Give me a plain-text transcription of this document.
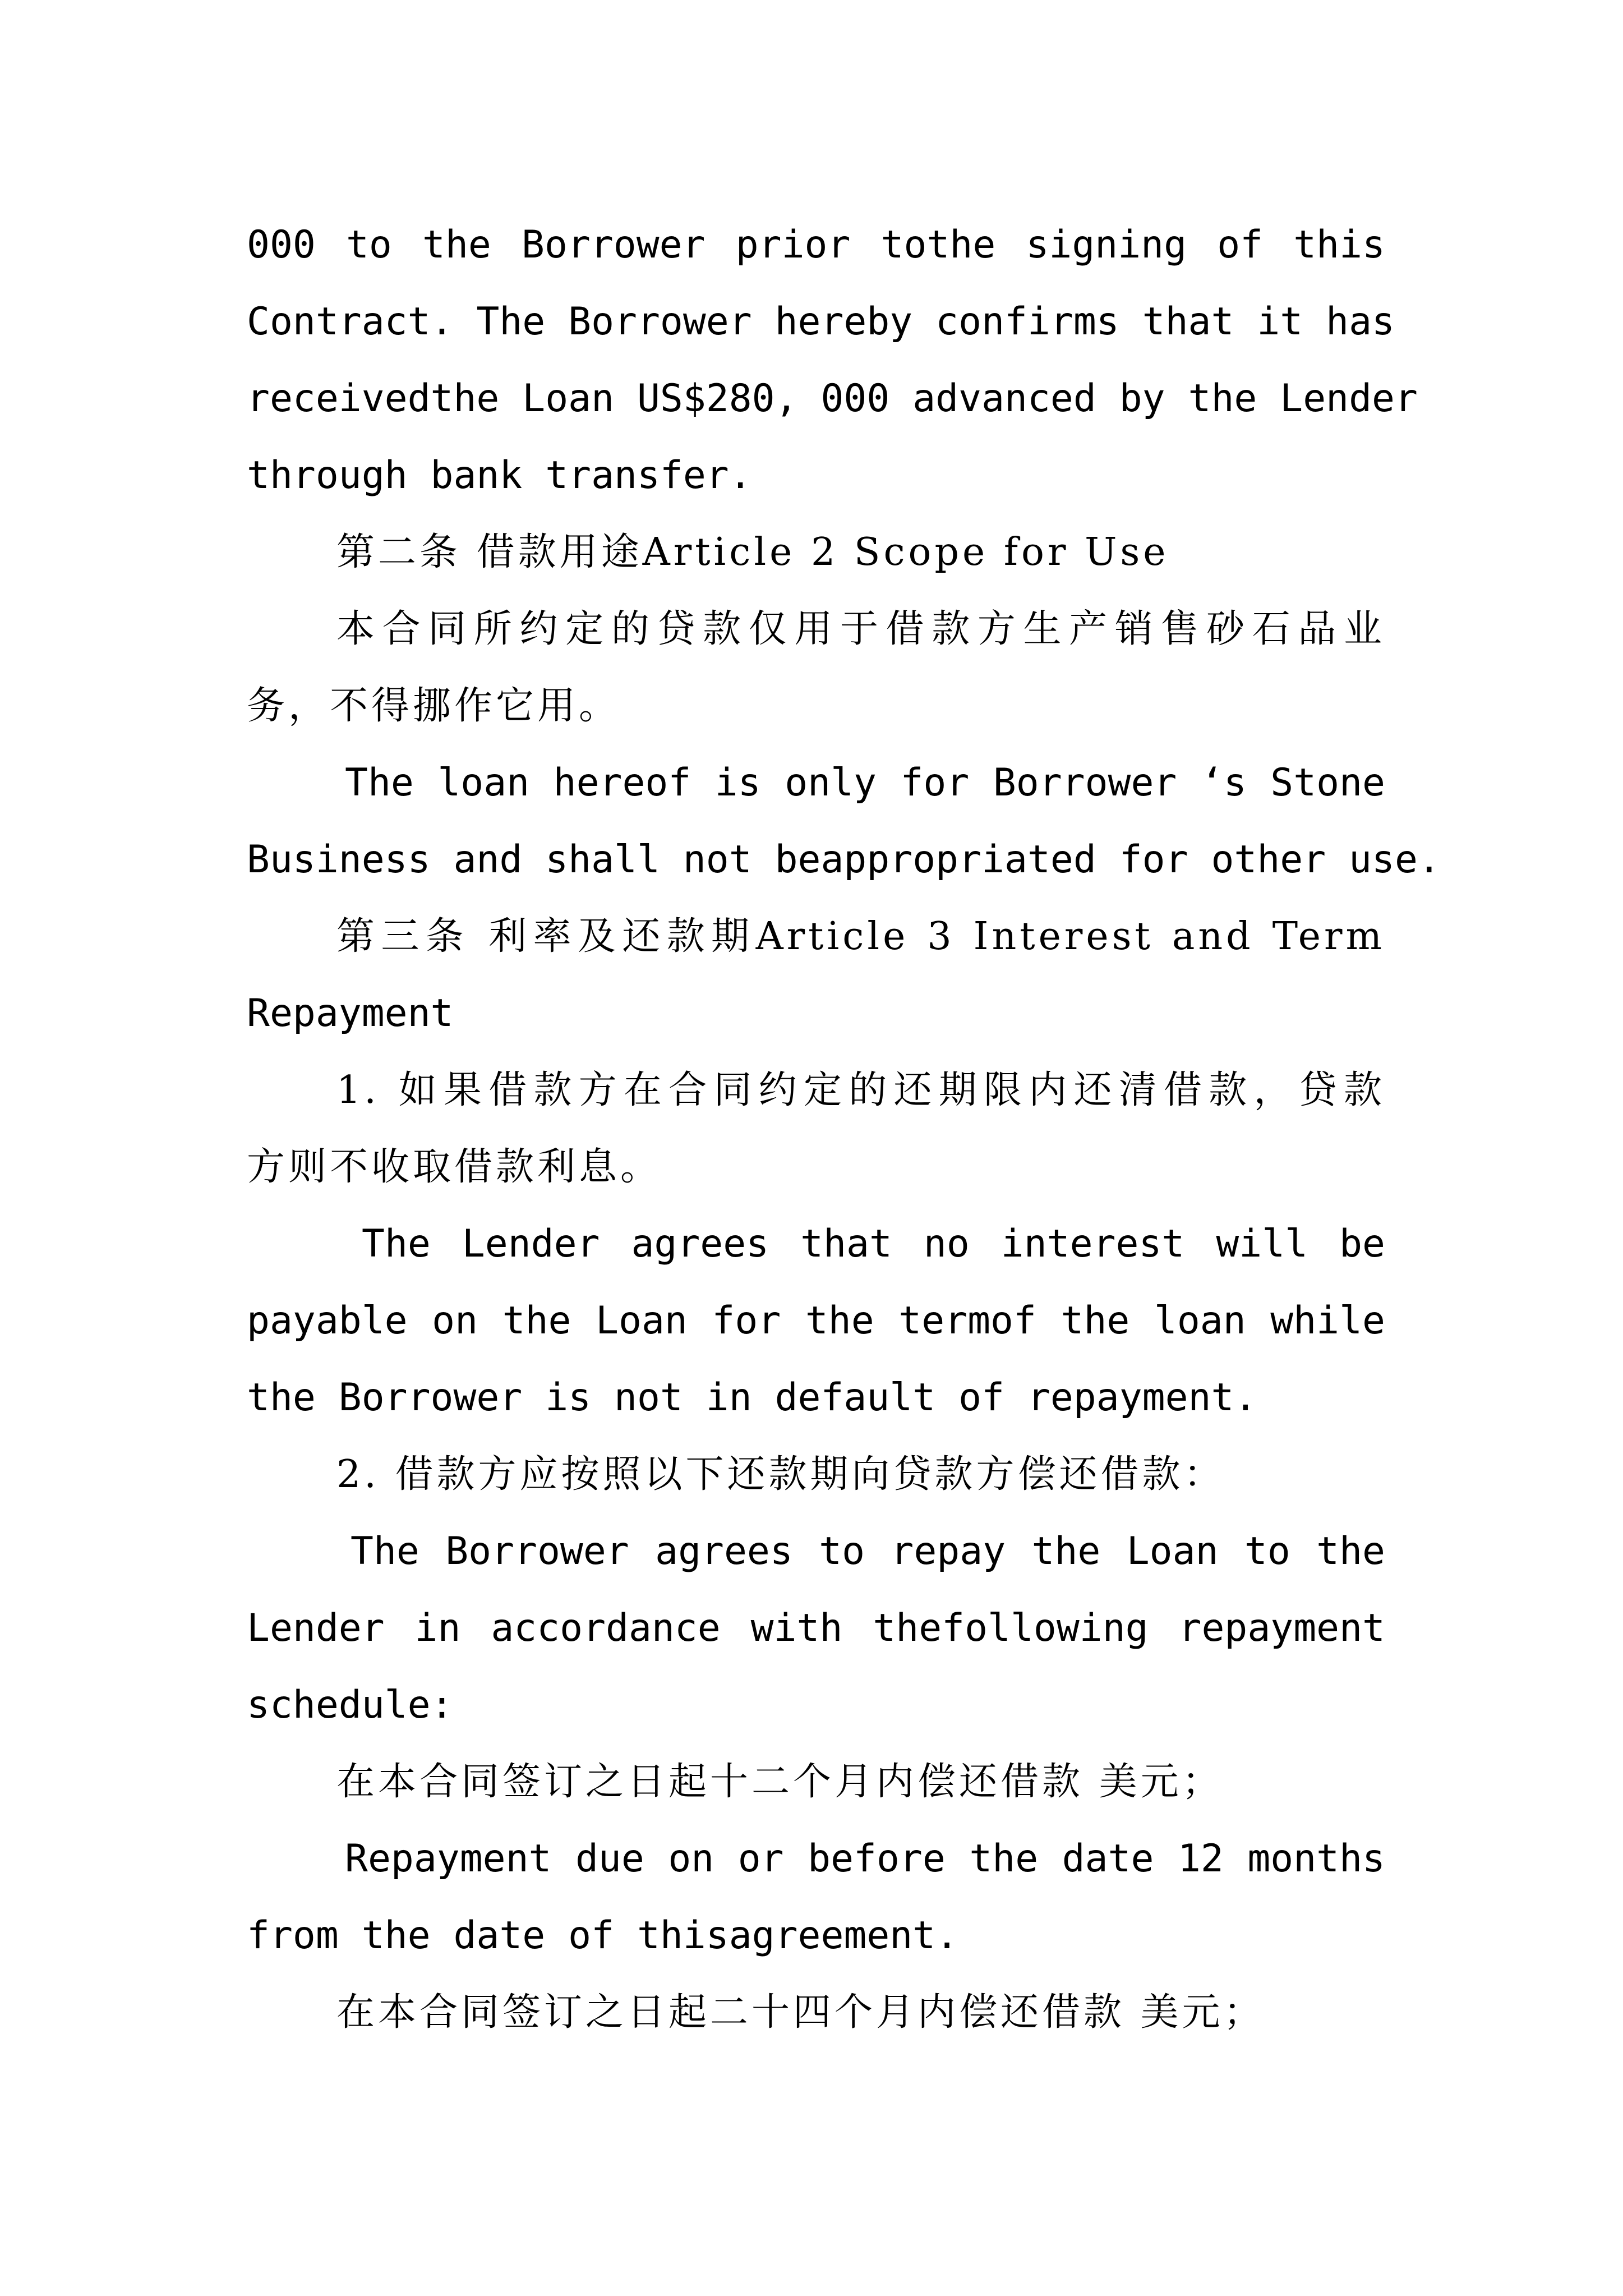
000 to the Borrower prior tothe signing of this
Contract. The Borrower hereby confirms that it has
receivedthe Loan US$280, 000 advanced by the Lender
through bank transfer.
第二条 借款用途Article 2 Scope for Use
本合同所约定的贷款仅用于借款方生产销售砂石品业
务，不得挪作它用。
The loan hereof is only for Borrower ‘s Stone
Business and shall not beappropriated for other use.
第三条 利率及还款期Article 3 Interest and Term
Repayment
1. 如果借款方在合同约定的还期限内还清借款，贷款
方则不收取借款利息。
The Lender agrees that no interest will be
payable on the Loan for the termof the loan while
the Borrower is not in default of repayment.
2. 借款方应按照以下还款期向贷款方偿还借款：
The Borrower agrees to repay the Loan to the
Lender in accordance with thefollowing repayment
schedule:
在本合同签订之日起十二个月内偿还借款 美元；
Repayment due on or before the date 12 months
from the date of thisagreement.
在本合同签订之日起二十四个月内偿还借款 美元；
